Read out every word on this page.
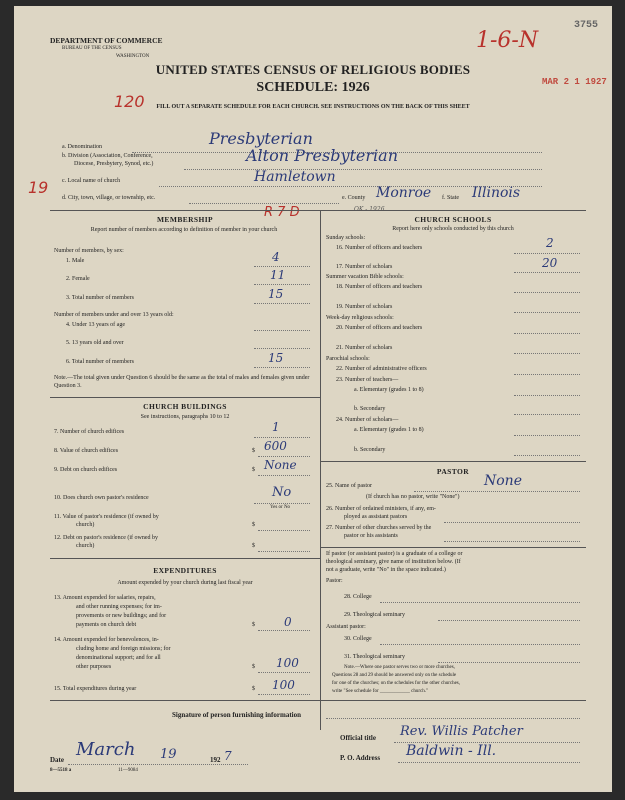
1-6-N
3755
MAR 2 1 1927
120
19
R 7 D	OK - 1926
DEPARTMENT OF COMMERCE
BUREAU OF THE CENSUS
WASHINGTON
UNITED STATES CENSUS OF RELIGIOUS BODIES
SCHEDULE: 1926
FILL OUT A SEPARATE SCHEDULE FOR EACH CHURCH. SEE INSTRUCTIONS ON THE BACK OF THIS SHEET
a. Denomination	Presbyterian
b. Division (Association, Conference,
Diocese, Presbytery, Synod, etc.)	Alton Presbyterian
c. Local name of church	Hamletown
d. City, town, village, or township, etc.	e. County Monroe f. State Illinois
MEMBERSHIP
Report number of members according to definition of member in your church
Number of members, by sex:
1. Male	4
2. Female	11
3. Total number of members	15
Number of members under and over 13 years old:
4. Under 13 years of age
5. 13 years old and over
6. Total number of members	15
Note.—The total given under Question 6 should be the same as the total of males and females given under Question 3.
CHURCH BUILDINGS
See instructions, paragraphs 10 to 12
7. Number of church edifices	1
8. Value of church edifices	$ 600
9. Debt on church edifices	$ None
10. Does church own pastor's residence	No
Yes or No
11. Value of pastor's residence (if owned by
church)	$
12. Debt on pastor's residence (if owned by
church)	$
EXPENDITURES
Amount expended by your church during last fiscal year
13. Amount expended for salaries, repairs,
and other running expenses; for im-
provements or new buildings; and for
payments on church debt	$ 0
14. Amount expended for benevolences, in-
cluding home and foreign missions; for
denominational support; and for all
other purposes	$ 100
15. Total expenditures during year	$ 100
CHURCH SCHOOLS
Report here only schools conducted by this church
Sunday schools:
16. Number of officers and teachers	2
17. Number of scholars	20
Summer vacation Bible schools:
18. Number of officers and teachers
19. Number of scholars
Week-day religious schools:
20. Number of officers and teachers
21. Number of scholars
Parochial schools:
22. Number of administrative officers
23. Number of teachers—
a. Elementary (grades 1 to 8)
b. Secondary
24. Number of scholars—
a. Elementary (grades 1 to 8)
b. Secondary
PASTOR
25. Name of pastor	None
(If church has no pastor, write "None")
26. Number of ordained ministers, if any, em-
ployed as assistant pastors
27. Number of other churches served by the
pastor or his assistants
If pastor (or assistant pastor) is a graduate of a college or
theological seminary, give name of institution below. (If
not a graduate, write "No" in the space indicated.)
Pastor:
28. College
29. Theological seminary
Assistant pastor:
30. College
31. Theological seminary
Note.—Where one pastor serves two or more churches,
Questions 28 and 29 should be answered only on the schedule
for one of the churches; on the schedules for the other churches,
write "See schedule for ____________ church."
Signature of person furnishing information
Official title Rev. Willis Patcher
P. O. Address Baldwin - Ill.
Date March 19	192 7
8—5518 a	11—9084
